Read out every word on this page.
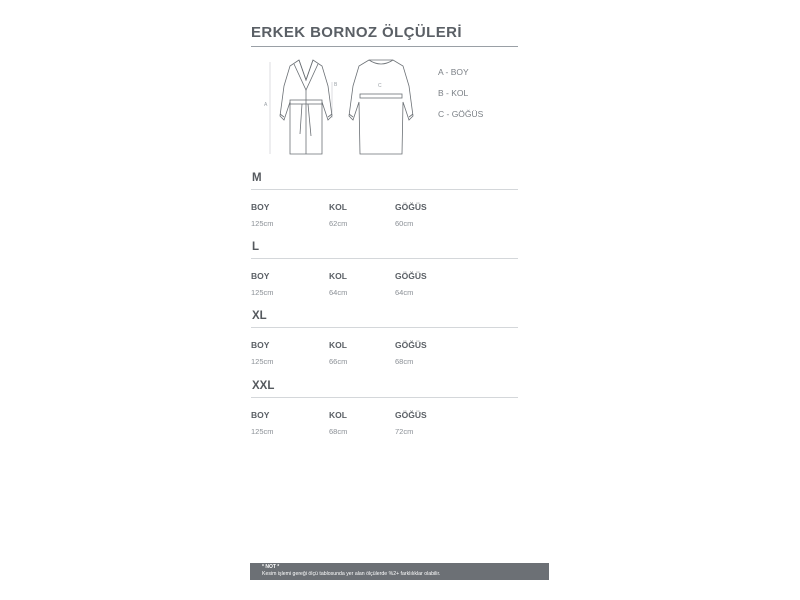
ERKEK BORNOZ ÖLÇÜLERİ
A
B	C
A - BOY
B - KOL
C - GÖĞÜS
M
BOY
125cm
KOL
62cm
GÖĞÜS
60cm
L
BOY
125cm
KOL
64cm
GÖĞÜS
64cm
XL
BOY
125cm
KOL
66cm
GÖĞÜS
68cm
XXL
BOY
125cm
KOL
68cm
GÖĞÜS
72cm
* NOT *
Kesim işlemi gereği ölçü tablosunda yer alan ölçülerde %2+ farklılıklar olabilir.
